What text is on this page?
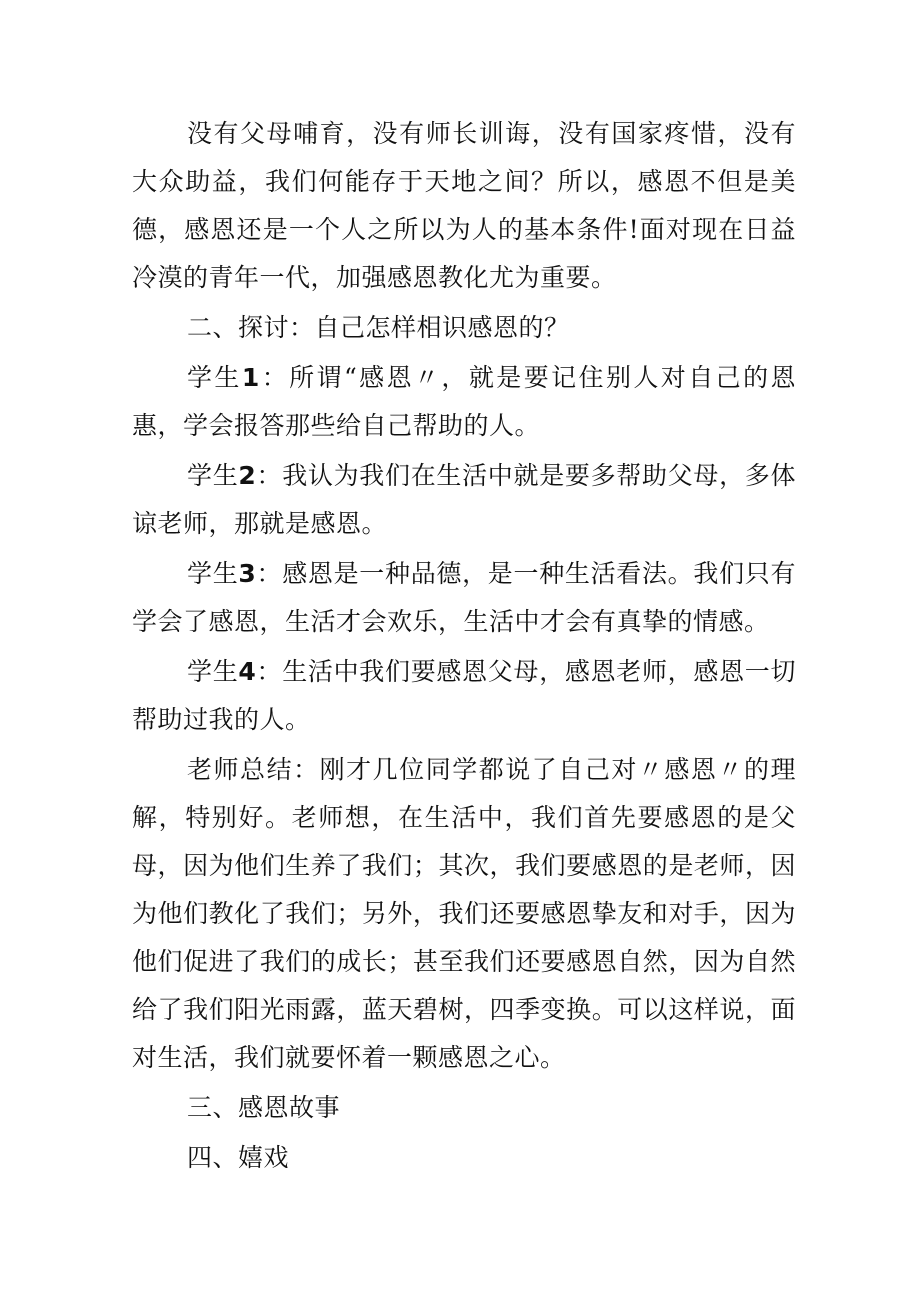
没有父母哺育，没有师长训诲，没有国家疼惜，没有大众助益，我们何能存于天地之间？所以，感恩不但是美德，感恩还是一个人之所以为人的基本条件!面对现在日益冷漠的青年一代，加强感恩教化尤为重要。

二、探讨：自己怎样相识感恩的？

学生1：所谓“感恩〃，就是要记住别人对自己的恩惠，学会报答那些给自己帮助的人。

学生2：我认为我们在生活中就是要多帮助父母，多体谅老师，那就是感恩。

学生3：感恩是一种品德，是一种生活看法。我们只有学会了感恩，生活才会欢乐，生活中才会有真挚的情感。

学生4：生活中我们要感恩父母，感恩老师，感恩一切帮助过我的人。

老师总结：刚才几位同学都说了自己对〃感恩〃的理解，特别好。老师想，在生活中，我们首先要感恩的是父母，因为他们生养了我们；其次，我们要感恩的是老师，因为他们教化了我们；另外，我们还要感恩挚友和对手，因为他们促进了我们的成长；甚至我们还要感恩自然，因为自然给了我们阳光雨露，蓝天碧树，四季变换。可以这样说，面对生活，我们就要怀着一颗感恩之心。

三、感恩故事

四、嬉戏
